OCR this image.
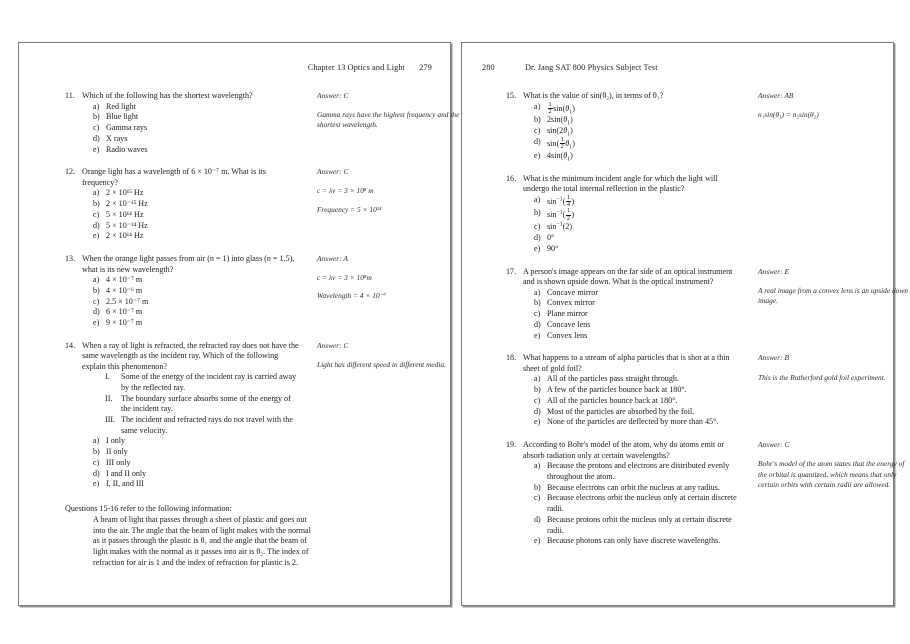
Chapter 13 Optics and Light 279
11. Which of the following has the shortest wavelength?
a) Red light
b) Blue light
c) Gamma rays
d) X rays
e) Radio waves
Answer: C
Gamma rays have the highest frequency and the shortest wavelength.
12. Orange light has a wavelength of 6 × 10⁻⁷ m. What is its frequency?
a) 2 × 10¹⁵ Hz
b) 2 × 10⁻¹⁵ Hz
c) 5 × 10¹⁴ Hz
d) 5 × 10⁻¹⁴ Hz
e) 2 × 10¹⁴ Hz
Answer: C
c = λν = 3 × 10⁸ m
Frequency = 5 × 10¹⁴
13. When the orange light passes from air (n = 1) into glass (n = 1.5), what is its new wavelength?
a) 4 × 10⁻⁷ m
b) 4 × 10⁻⁶ m
c) 2.5 × 10⁻⁷ m
d) 6 × 10⁻⁷ m
e) 9 × 10⁻⁷ m
Answer: A
c = λν = 3 × 10⁸m
Wavelength = 4 × 10⁻⁷
14. When a ray of light is refracted, the refracted ray does not have the same wavelength as the incident ray. Which of the following explain this phenomenon?
I.	Some of the energy of the incident ray is carried away by the reflected ray.
II.	The boundary surface absorbs some of the energy of the incident ray.
III. The incident and refracted rays do not travel with the same velocity.
a) I only
b) II only
c) III only
d) I and II only
e) I, II, and III
Answer: C
Light has different speed in different media.
Questions 15-16 refer to the following information:
A beam of light that passes through a sheet of plastic and goes out into the air. The angle that the beam of light makes with the normal as it passes through the plastic is θ₁ and the angle that the beam of light makes with the normal as it passes into air is θ₂. The index of refraction for air is 1 and the index of refraction for plastic is 2.
280	Dr. Jang SAT 800 Physics Subject Test
15. What is the value of sin(θ₂), in terms of θ₁?
a)	$\frac{1}{2} \sin(\theta_1)$
b) $2\sin(\theta_1)$
c) $\sin(2\theta_1)$
d) $\sin( \frac{1}{2} \theta_1)$
e) $4\sin(\theta_1)$
Answer: AB
n₁sin(θ₁) = n₂sin(θ₂)
16. What is the minimum incident angle for which the light will undergo the total internal reflection in the plastic?
a) $\sin^{-1}( \frac{1}{4}$ )
b) $\sin^{-1}( \frac{1}{2}$ )
c) $\sin^{-1}(2)$
d) 0°
e) 90°
17. A person's image appears on the far side of an optical instrument and is shown upside down. What is the optical instrument?
a) Concave mirror
b) Convex mirror
c) Plane mirror
d) Concave lens
e) Convex lens
Answer: E
A real image from a convex lens is an upside down image.
18. What happens to a stream of alpha particles that is shot at a thin sheet of gold foil?
a) All of the particles pass straight through.
b) A few of the particles bounce back at 180°.
c) All of the particles bounce back at 180°.
d) Most of the particles are absorbed by the foil.
e) None of the particles are deflected by more than 45°.
Answer: B
This is the Rutherford gold foil experiment.
19. According to Bohr's model of the atom, why do atoms emit or absorb radiation only at certain wavelengths?
a) Because the protons and electrons are distributed evenly throughout the atom.
b) Because electrons can orbit the nucleus at any radius.
c) Because electrons orbit the nucleus only at certain discrete radii.
d) Because protons orbit the nucleus only at certain discrete radii.
e) Because photons can only have discrete wavelengths.
Answer: C
Bohr's model of the atom states that the energy of the orbital is quantized, which means that only certain orbits with certain radii are allowed.
